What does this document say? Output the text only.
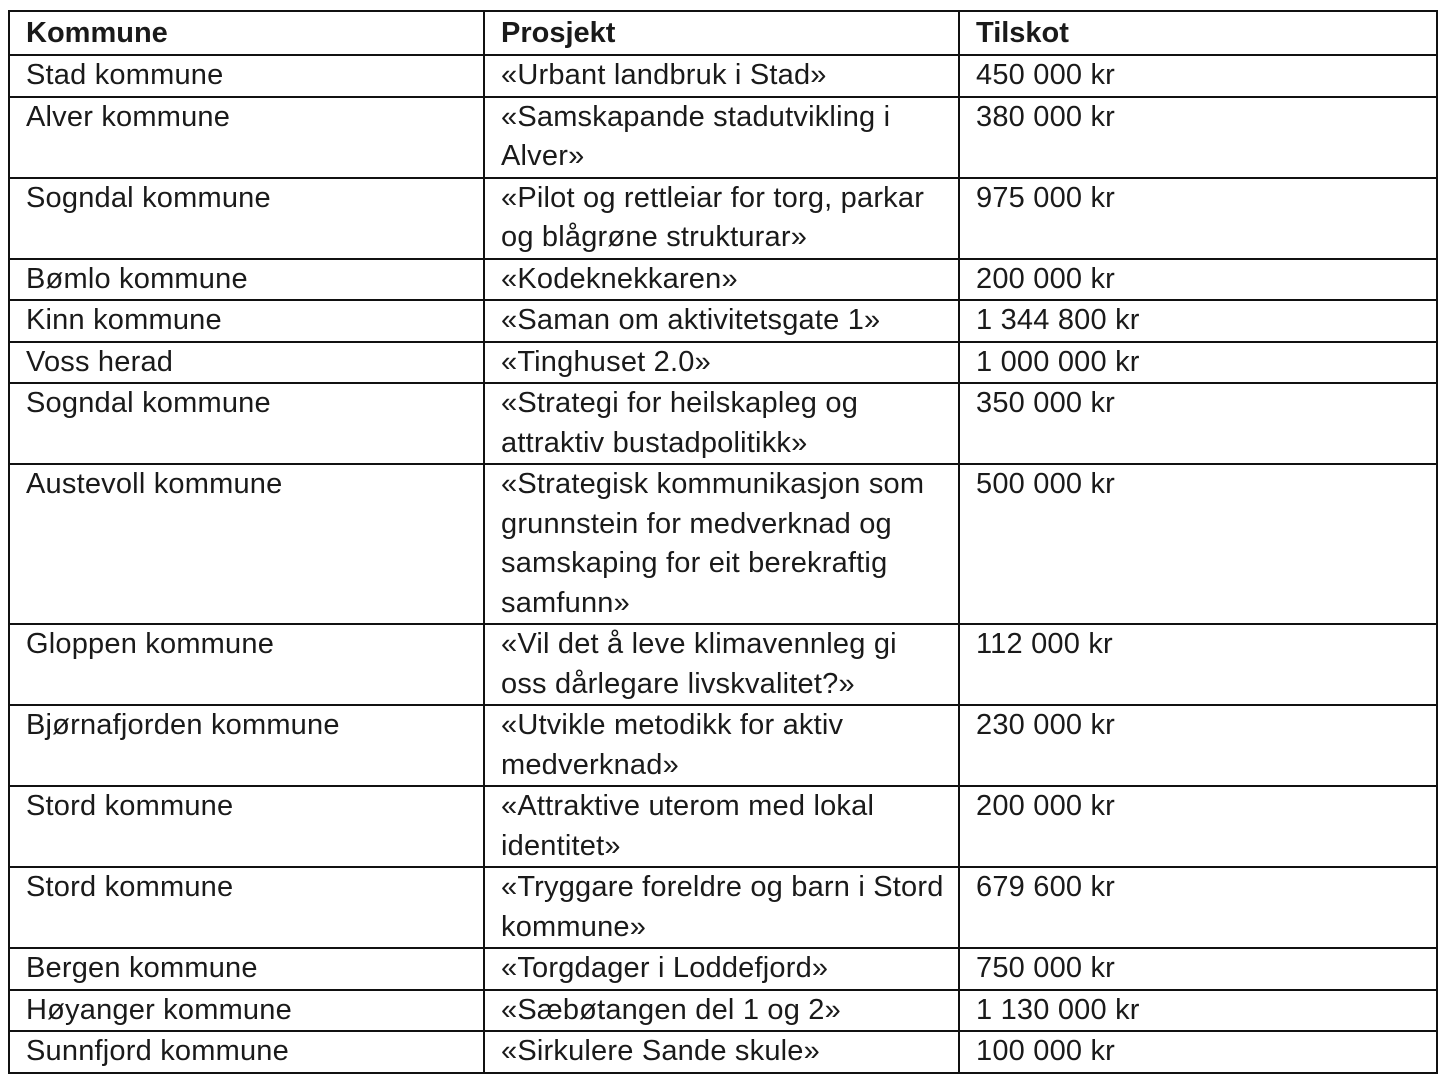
Kommune	Prosjekt	Tilskot
Stad kommune	«Urbant landbruk i Stad»	450 000 kr
Alver kommune	«Samskapande stadutvikling i Alver»	380 000 kr
Sogndal kommune	«Pilot og rettleiar for torg, parkar og blågrøne strukturar»	975 000 kr
Bømlo kommune	«Kodeknekkaren»	200 000 kr
Kinn kommune	«Saman om aktivitetsgate 1»	1 344 800 kr
Voss herad	«Tinghuset 2.0»	1 000 000 kr
Sogndal kommune	«Strategi for heilskapleg og attraktiv bustadpolitikk»	350 000 kr
Austevoll kommune	«Strategisk kommunikasjon som grunnstein for medverknad og samskaping for eit berekraftig samfunn»	500 000 kr
Gloppen kommune	«Vil det å leve klimavennleg gi oss dårlegare livskvalitet?»	112 000 kr
Bjørnafjorden kommune	«Utvikle metodikk for aktiv medverknad»	230 000 kr
Stord kommune	«Attraktive uterom med lokal identitet»	200 000 kr
Stord kommune	«Tryggare foreldre og barn i Stord kommune»	679 600 kr
Bergen kommune	«Torgdager i Loddefjord»	750 000 kr
Høyanger kommune	«Sæbøtangen del 1 og 2»	1 130 000 kr
Sunnfjord kommune	«Sirkulere Sande skule»	100 000 kr
